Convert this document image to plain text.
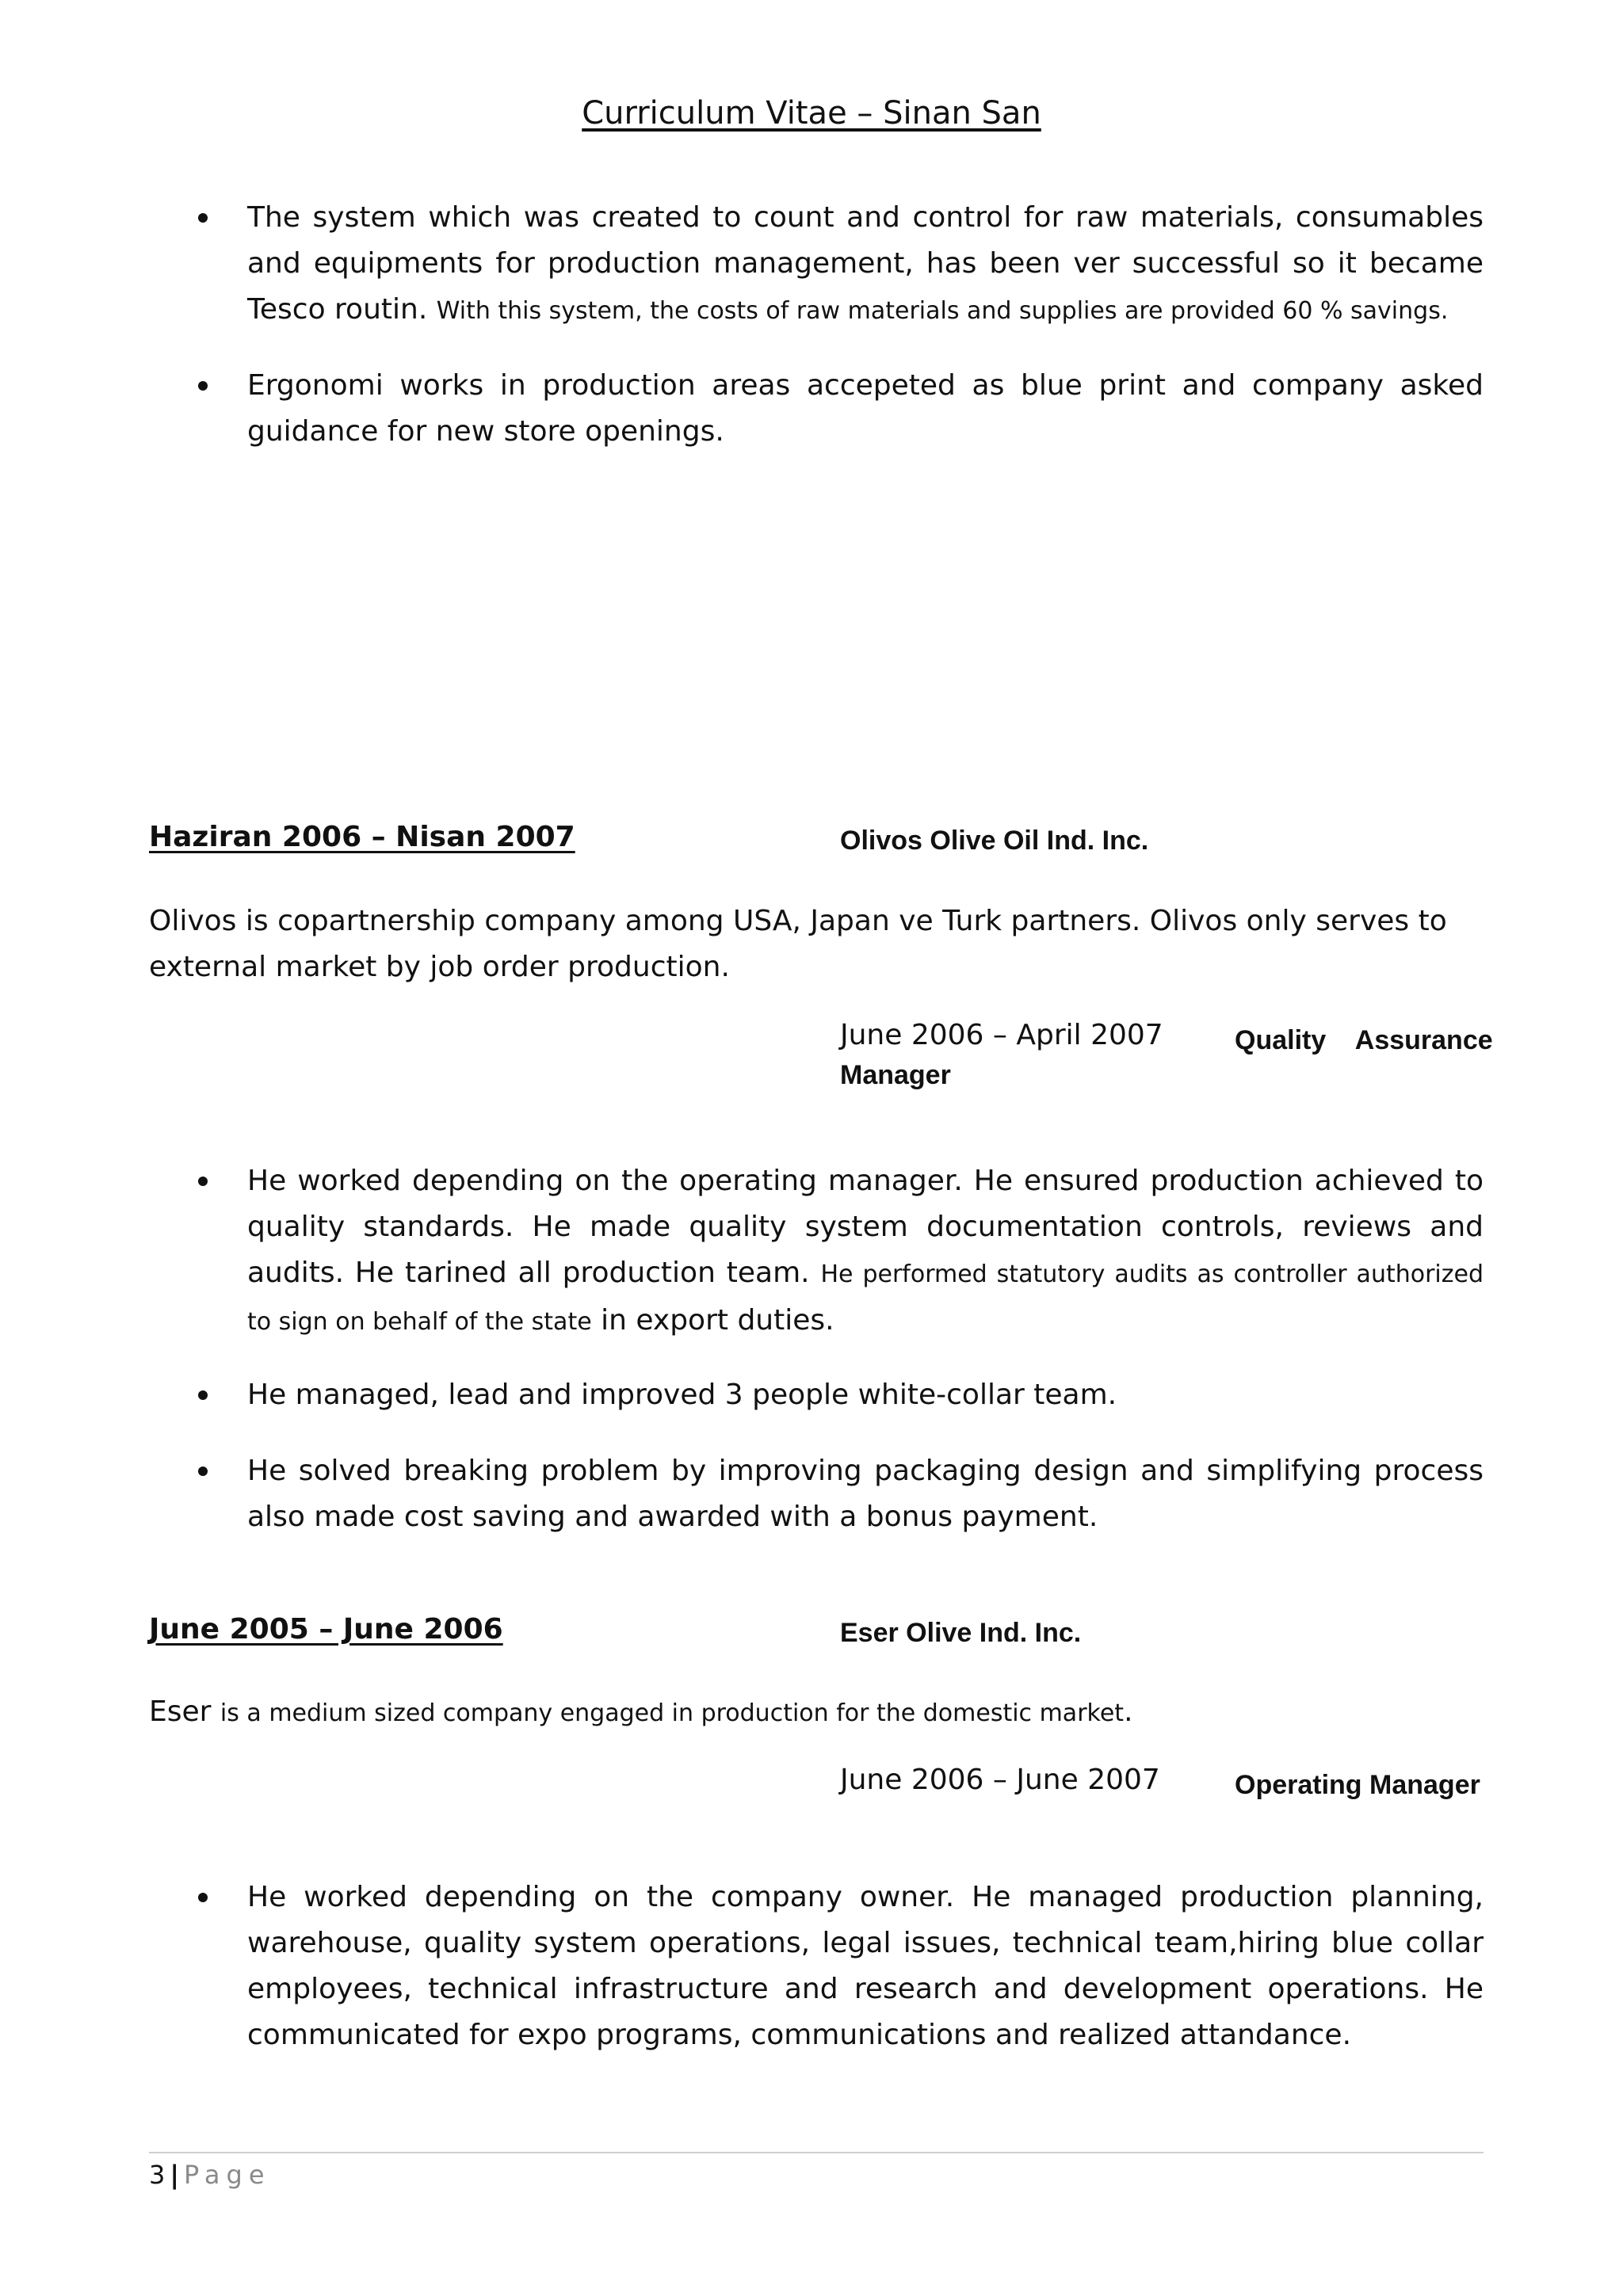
Curriculum Vitae – Sinan San
The system which was created to count and control for raw materials, consumables and equipments for production management, has been ver successful so it became Tesco routin. With this system, the costs of raw materials and supplies are provided 60 % savings.
Ergonomi works in production areas accepeted as blue print and company asked guidance for new store openings.
Haziran 2006 – Nisan 2007	Olivos Olive Oil Ind. Inc.
Olivos is copartnership company among USA, Japan ve Turk partners. Olivos only serves to external market by job order production.
June 2006 – April 2007	Quality    Assurance
Manager
He worked depending on the operating manager. He ensured production achieved to quality standards. He made quality system documentation controls, reviews and audits. He tarined all production team. He performed statutory audits as controller authorized to sign on behalf of the state in export duties.
He managed, lead and improved 3 people white-collar team.
He solved breaking problem by improving packaging design and simplifying process also made cost saving and awarded with a bonus payment.
June 2005 – June 2006	Eser Olive Ind. Inc.
Eser is a medium sized company engaged in production for the domestic market.
June 2006 – June 2007	Operating Manager
He worked depending on the company owner. He managed production planning, warehouse, quality system operations, legal issues, technical team,hiring blue collar employees, technical infrastructure and research and development operations. He communicated for expo programs, communications and realized attandance.
3 | Page
